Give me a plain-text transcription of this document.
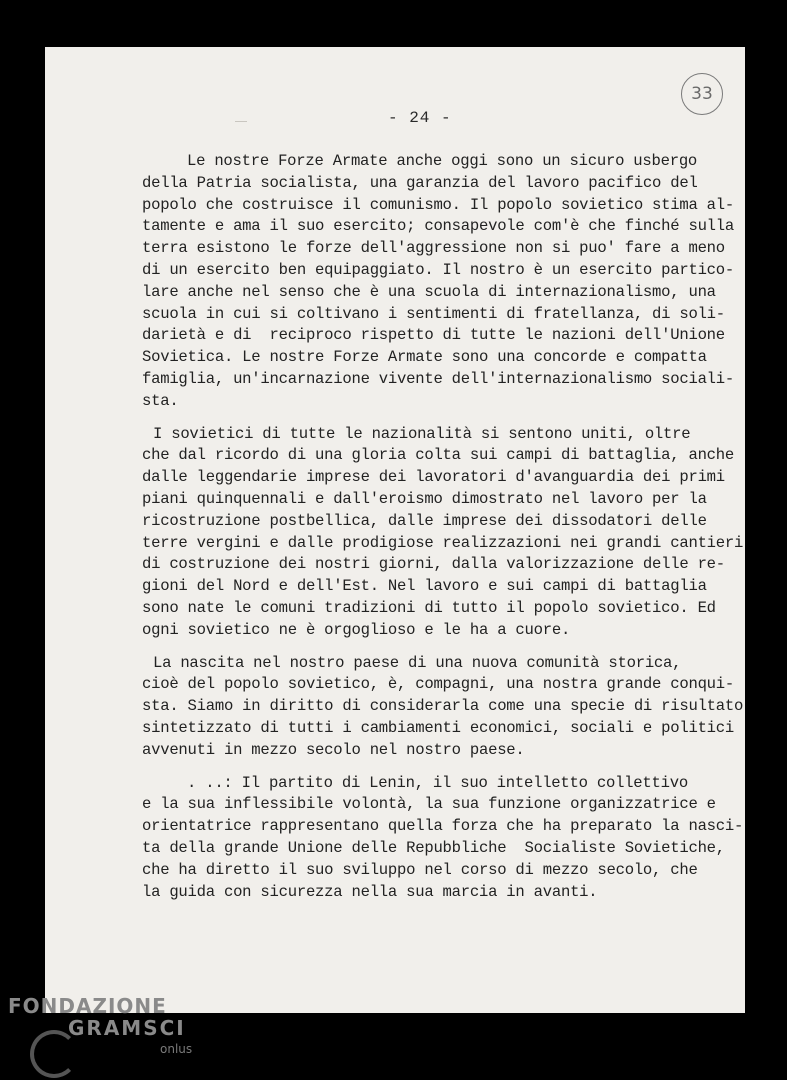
- 24 -
33
Le nostre Forze Armate anche oggi sono un sicuro usbergo
della Patria socialista, una garanzia del lavoro pacifico del
popolo che costruisce il comunismo. Il popolo sovietico stima al-
tamente e ama il suo esercito; consapevole com'è che finché sulla
terra esistono le forze dell'aggressione non si puo' fare a meno
di un esercito ben equipaggiato. Il nostro è un esercito partico-
lare anche nel senso che è una scuola di internazionalismo, una
scuola in cui si coltivano i sentimenti di fratellanza, di soli-
darietà e di  reciproco rispetto di tutte le nazioni dell'Unione
Sovietica. Le nostre Forze Armate sono una concorde e compatta
famiglia, un'incarnazione vivente dell'internazionalismo sociali-
sta.
I sovietici di tutte le nazionalità si sentono uniti, oltre
che dal ricordo di una gloria colta sui campi di battaglia, anche
dalle leggendarie imprese dei lavoratori d'avanguardia dei primi
piani quinquennali e dall'eroismo dimostrato nel lavoro per la
ricostruzione postbellica, dalle imprese dei dissodatori delle
terre vergini e dalle prodigiose realizzazioni nei grandi cantieri
di costruzione dei nostri giorni, dalla valorizzazione delle re-
gioni del Nord e dell'Est. Nel lavoro e sui campi di battaglia
sono nate le comuni tradizioni di tutto il popolo sovietico. Ed
ogni sovietico ne è orgoglioso e le ha a cuore.
La nascita nel nostro paese di una nuova comunità storica,
cioè del popolo sovietico, è, compagni, una nostra grande conqui-
sta. Siamo in diritto di considerarla come una specie di risultato
sintetizzato di tutti i cambiamenti economici, sociali e politici
avvenuti in mezzo secolo nel nostro paese.
. ..: Il partito di Lenin, il suo intelletto collettivo
e la sua inflessibile volontà, la sua funzione organizzatrice e
orientatrice rappresentano quella forza che ha preparato la nasci-
ta della grande Unione delle Repubbliche  Socialiste Sovietiche,
che ha diretto il suo sviluppo nel corso di mezzo secolo, che
la guida con sicurezza nella sua marcia in avanti.
FONDAZIONE
GRAMSCI
onlus
